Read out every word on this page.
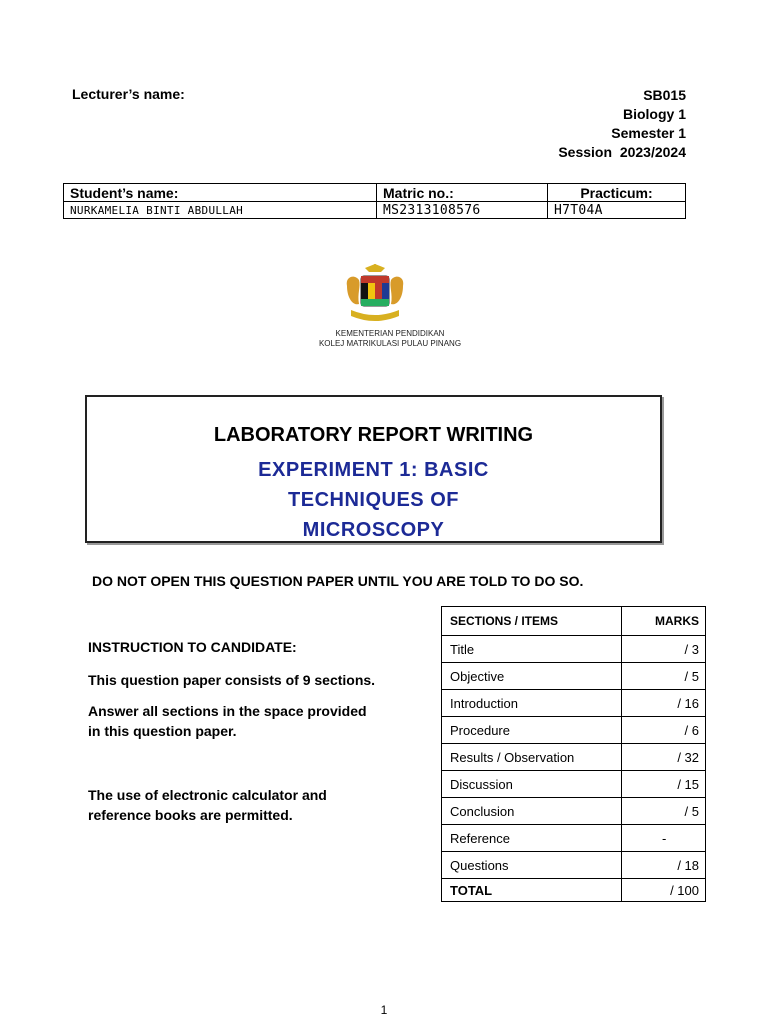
Lecturer’s name:	SB015
Biology 1
Semester 1
Session  2023/2024
Student’s name:	Matric no.:	Practicum:
NURKAMELIA BINTI ABDULLAH	MS2313108576	H7T04A
KEMENTERIAN PENDIDIKAN
KOLEJ MATRIKULASI PULAU PINANG
LABORATORY REPORT WRITING
EXPERIMENT 1: BASIC TECHNIQUES OF MICROSCOPY
DO NOT OPEN THIS QUESTION PAPER UNTIL YOU ARE TOLD TO DO SO.
INSTRUCTION TO CANDIDATE:
This question paper consists of 9 sections.
Answer all sections in the space provided
in this question paper.
The use of electronic calculator and
reference books are permitted.
SECTIONS / ITEMS	MARKS
Title	/ 3
Objective	/ 5
Introduction	/ 16
Procedure	/ 6
Results / Observation	/ 32
Discussion	/ 15
Conclusion	/ 5
Reference	-
Questions	/ 18
TOTAL	/ 100
1
